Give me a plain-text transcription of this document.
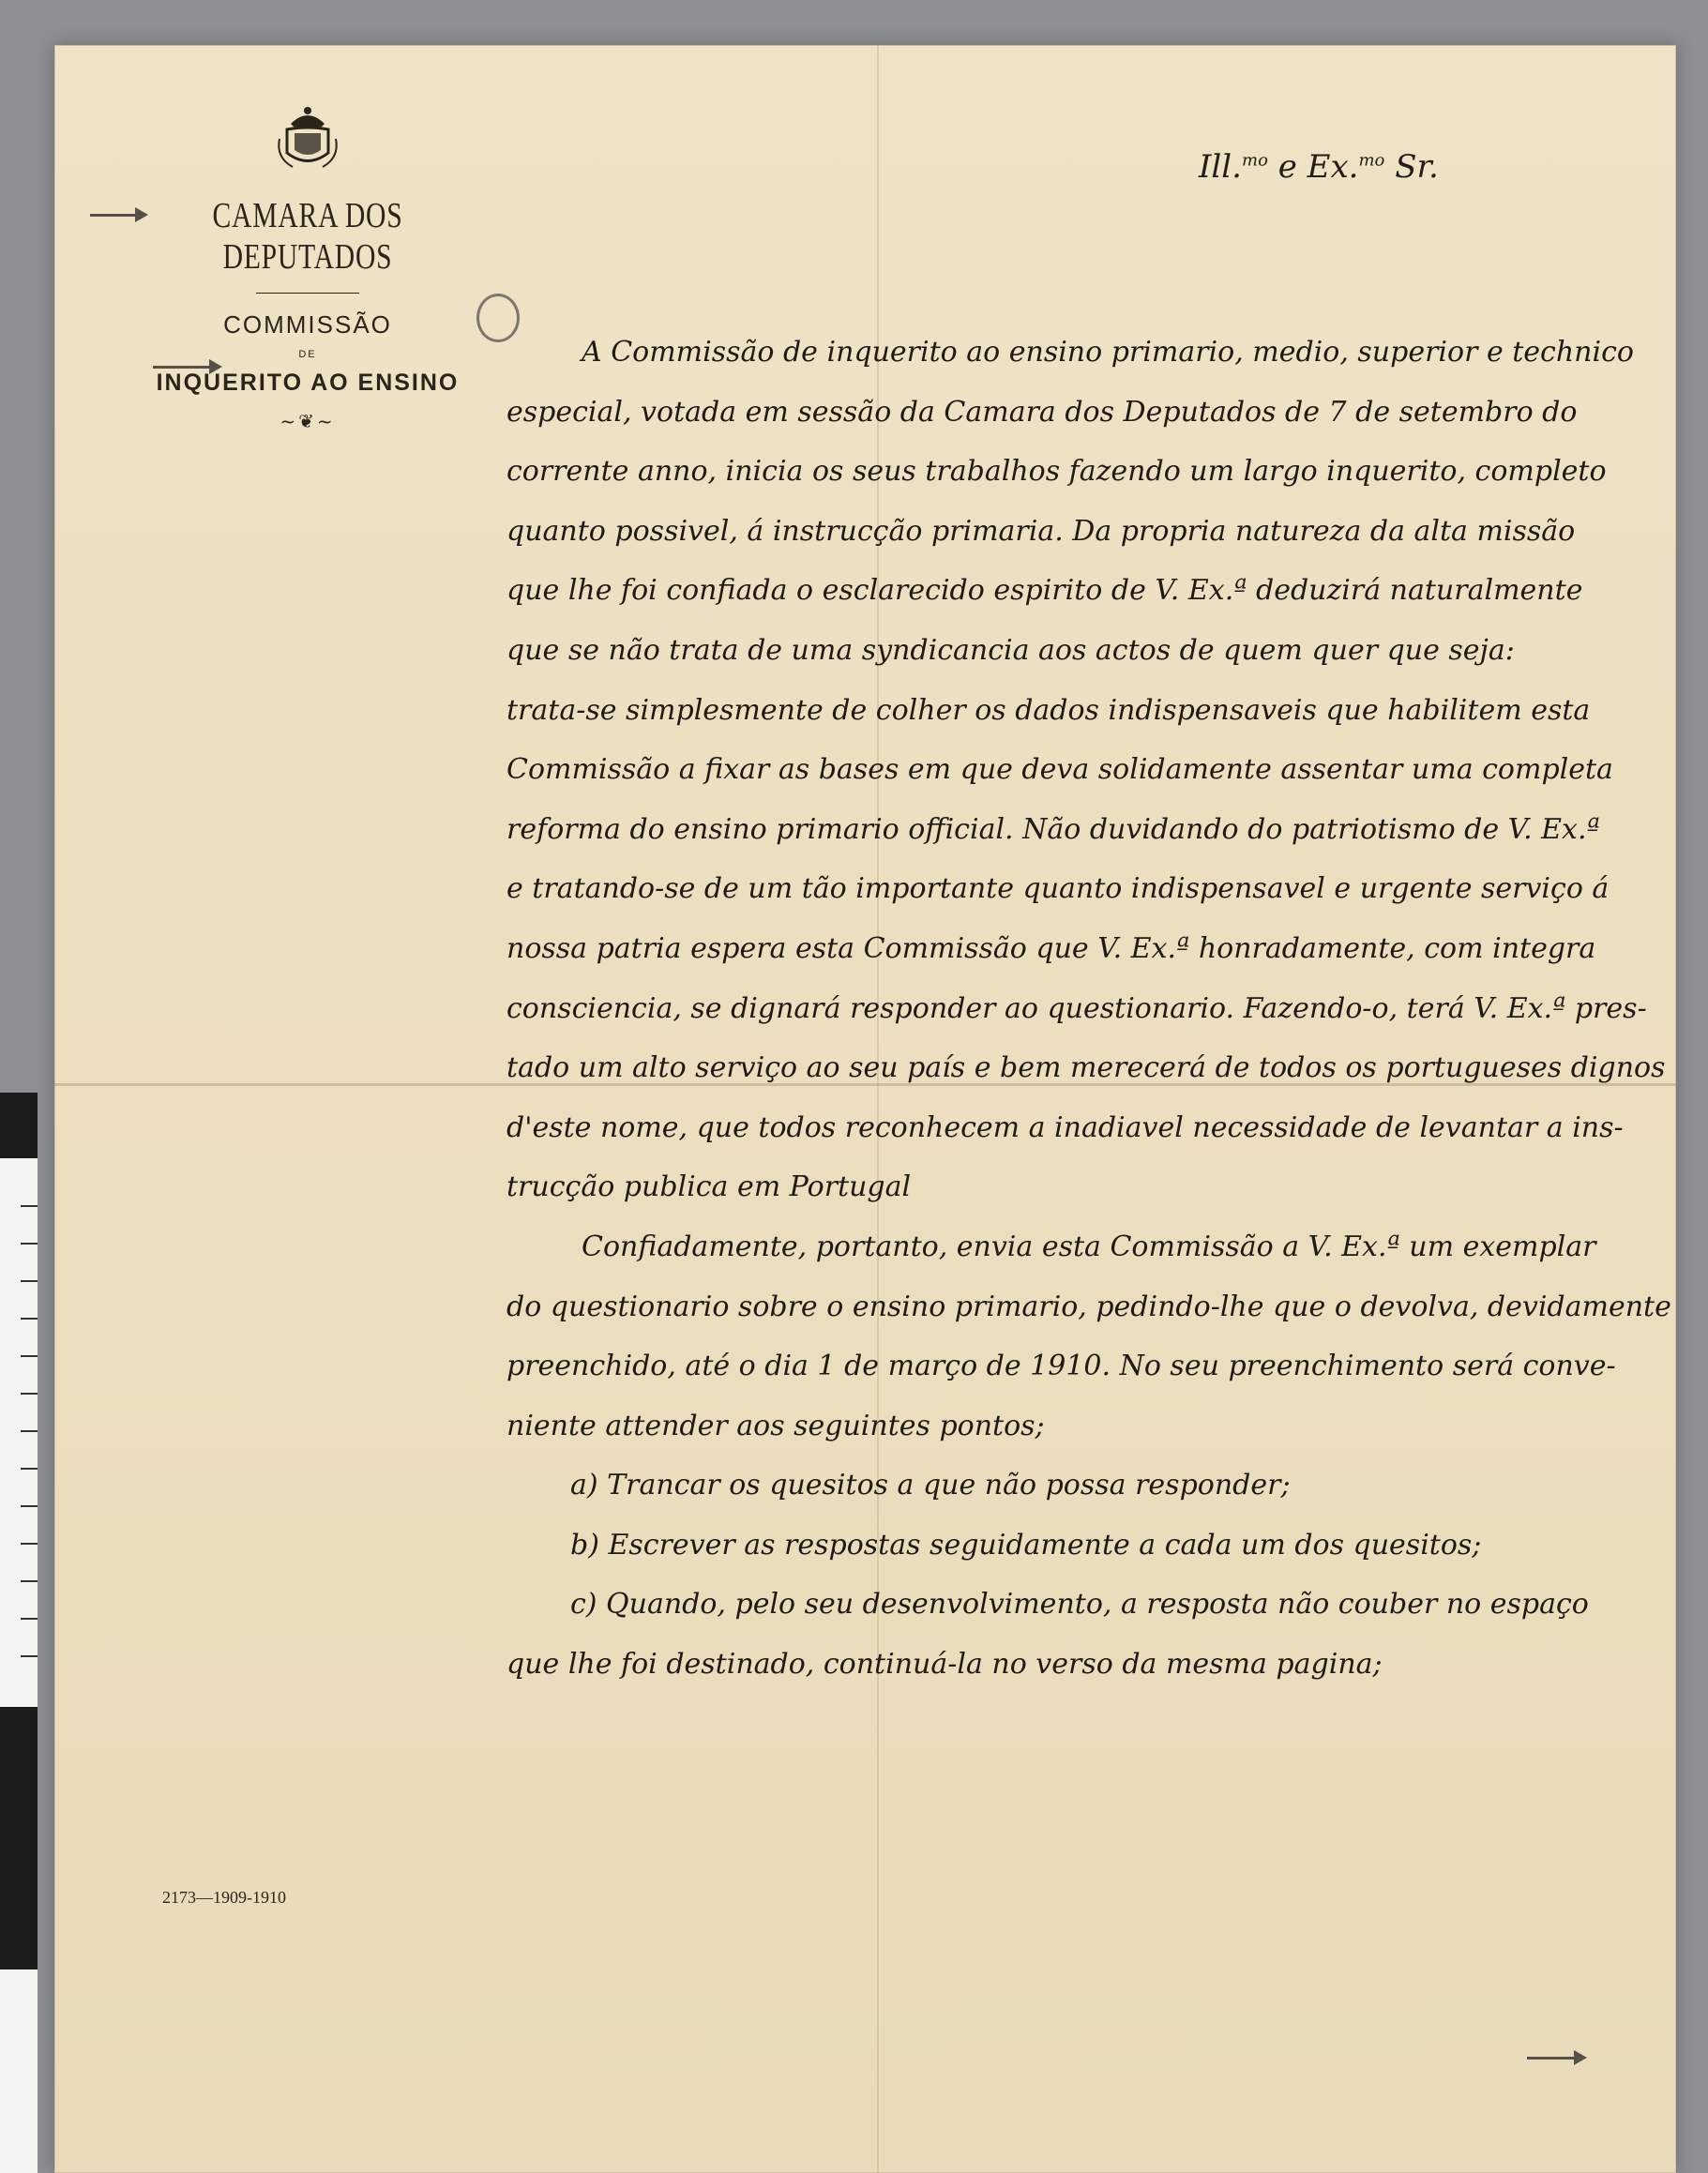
CAMARA DOS DEPUTADOS
COMMISSÃO
DE
INQUERITO AO ENSINO
~❦~
Ill.$^{mo}$ e Ex.$^{mo}$ Sr.
A Commissão de inquerito ao ensino primario, medio, superior e technico
especial, votada em sessão da Camara dos Deputados de 7 de setembro do
corrente anno, inicia os seus trabalhos fazendo um largo inquerito, completo
quanto possivel, á instrucção primaria. Da propria natureza da alta missão
que lhe foi confiada o esclarecido espirito de V. Ex.ª deduzirá naturalmente
que se não trata de uma syndicancia aos actos de quem quer que seja:
trata-se simplesmente de colher os dados indispensaveis que habilitem esta
Commissão a fixar as bases em que deva solidamente assentar uma completa
reforma do ensino primario official. Não duvidando do patriotismo de V. Ex.ª
e tratando-se de um tão importante quanto indispensavel e urgente serviço á
nossa patria espera esta Commissão que V. Ex.ª honradamente, com integra
consciencia, se dignará responder ao questionario. Fazendo-o, terá V. Ex.ª pres-
tado um alto serviço ao seu país e bem merecerá de todos os portugueses dignos
d'este nome, que todos reconhecem a inadiavel necessidade de levantar a ins-
trucção publica em Portugal
Confiadamente, portanto, envia esta Commissão a V. Ex.ª um exemplar
do questionario sobre o ensino primario, pedindo-lhe que o devolva, devidamente
preenchido, até o dia 1 de março de 1910. No seu preenchimento será conve-
niente attender aos seguintes pontos;
a) Trancar os quesitos a que não possa responder;
b) Escrever as respostas seguidamente a cada um dos quesitos;
c) Quando, pelo seu desenvolvimento, a resposta não couber no espaço
que lhe foi destinado, continuá-la no verso da mesma pagina;
2173—1909-1910
